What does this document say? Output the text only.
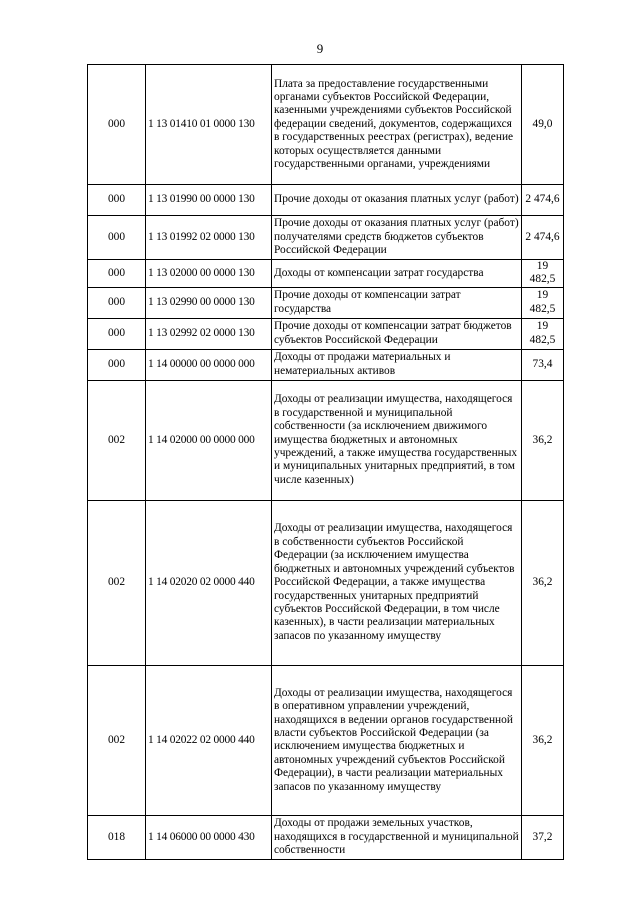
9
000	1 13 01410 01 0000 130	Плата за предоставление государственными органами субъектов Российской Федерации, казенными учреждениями субъектов Российской федерации сведений, документов, содержащихся в государственных реестрах (регистрах), ведение которых осуществляется данными государственными органами, учреждениями	49,0
000	1 13 01990 00 0000 130	Прочие доходы от оказания платных услуг (работ)	2 474,6
000	1 13 01992 02 0000 130	Прочие доходы от оказания платных услуг (работ) получателями средств бюджетов субъектов Российской Федерации	2 474,6
000	1 13 02000 00 0000 130	Доходы от компенсации затрат государства	19 482,5
000	1 13 02990 00 0000 130	Прочие доходы от компенсации затрат государства	19 482,5
000	1 13 02992 02 0000 130	Прочие доходы от компенсации затрат бюджетов субъектов Российской Федерации	19 482,5
000	1 14 00000 00 0000 000	Доходы от продажи материальных и нематериальных активов	73,4
002	1 14 02000 00 0000 000	Доходы от реализации имущества, находящегося в государственной и муниципальной собственности (за исключением движимого имущества бюджетных и автономных учреждений, а также имущества государственных и муниципальных унитарных предприятий, в том числе казенных)	36,2
002	1 14 02020 02 0000 440	Доходы от реализации имущества, находящегося в собственности субъектов Российской Федерации (за исключением имущества бюджетных и автономных учреждений субъектов Российской Федерации, а также имущества государственных унитарных предприятий субъектов Российской Федерации, в том числе казенных), в части реализации материальных запасов по указанному имуществу	36,2
002	1 14 02022 02 0000 440	Доходы от реализации имущества, находящегося в оперативном управлении учреждений, находящихся в ведении органов государственной власти субъектов Российской Федерации (за исключением имущества бюджетных и автономных учреждений субъектов Российской Федерации), в части реализации материальных запасов по указанному имуществу	36,2
018	1 14 06000 00 0000 430	Доходы от продажи земельных участков, находящихся в государственной и муниципальной собственности	37,2
